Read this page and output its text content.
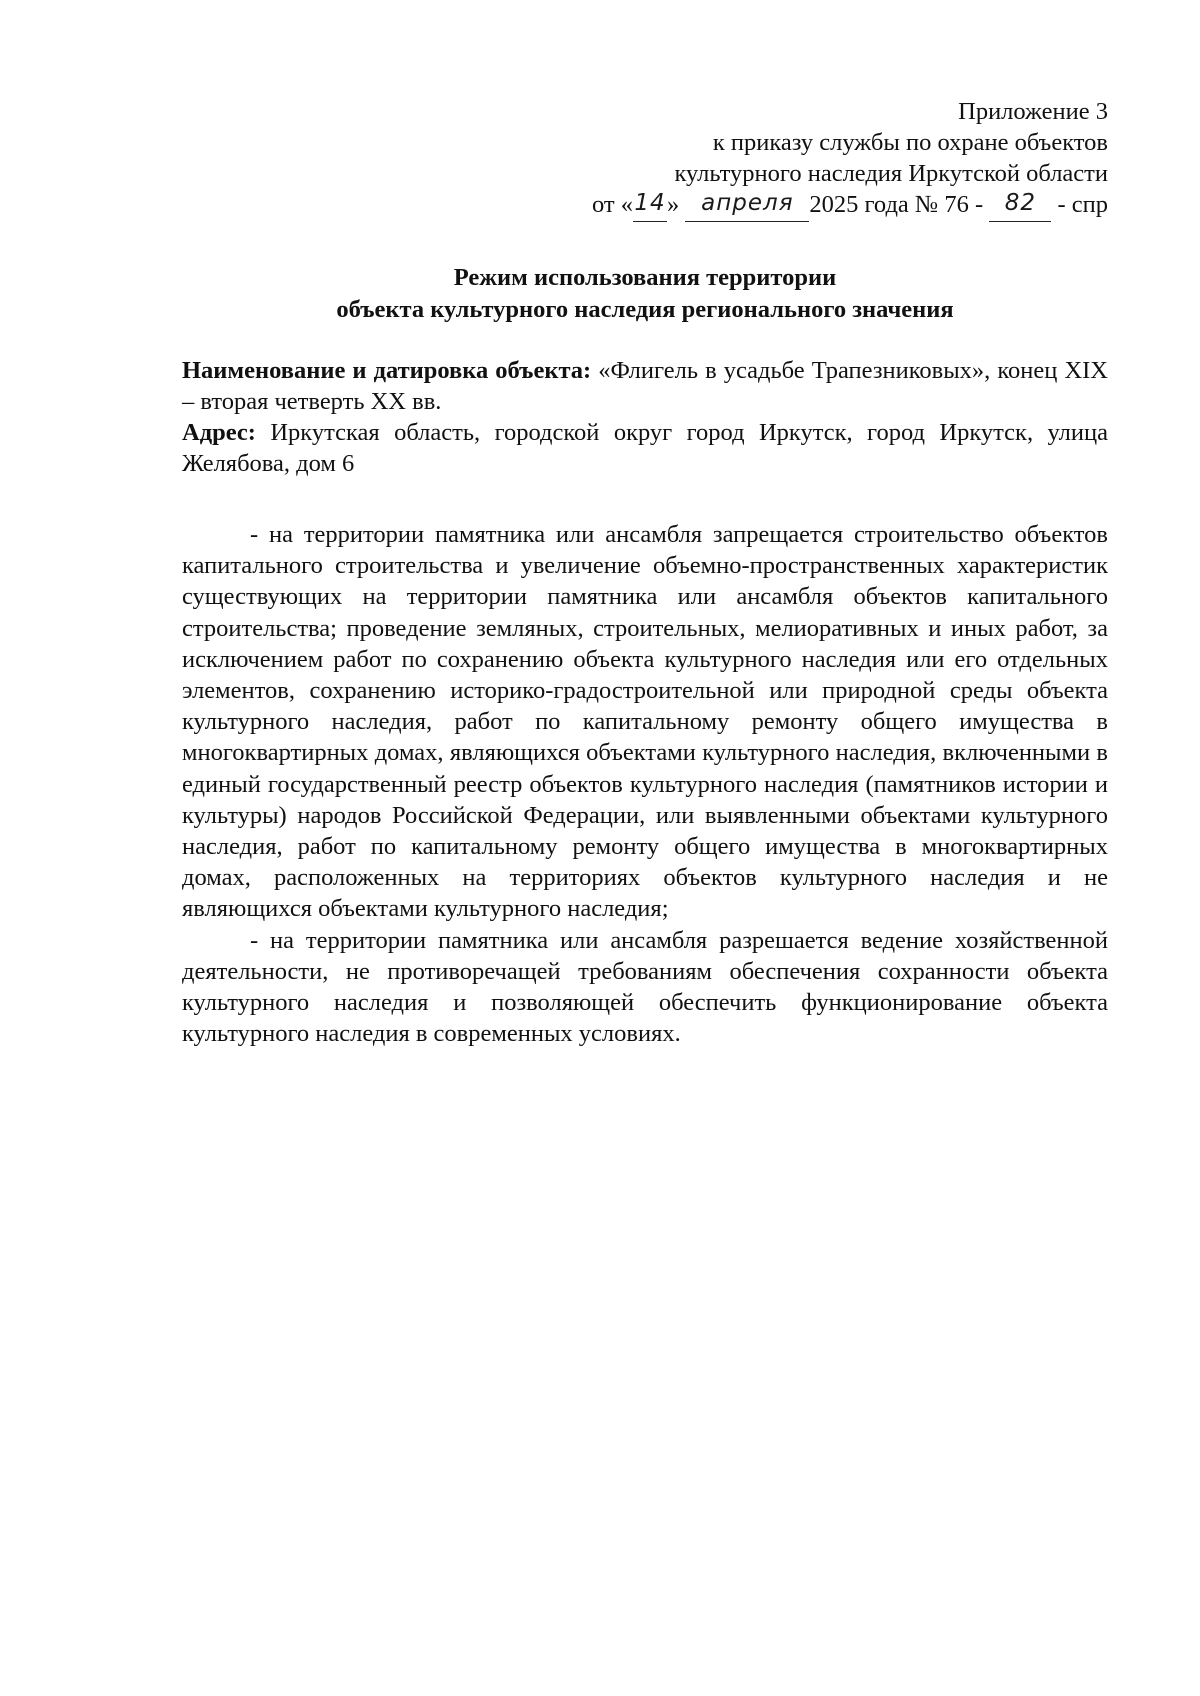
Приложение 3
к приказу службы по охране объектов
культурного наследия Иркутской области
от «14» апреля 2025 года № 76 - 82 - спр
Режим использования территории
объекта культурного наследия регионального значения

Наименование и датировка объекта: «Флигель в усадьбе Трапезниковых», конец XIX – вторая четверть XX вв.

Адрес: Иркутская область, городской округ город Иркутск, город Иркутск, улица Желябова, дом 6

- на территории памятника или ансамбля запрещается строительство объектов капитального строительства и увеличение объемно-пространственных характеристик существующих на территории памятника или ансамбля объектов капитального строительства; проведение земляных, строительных, мелиоративных и иных работ, за исключением работ по сохранению объекта культурного наследия или его отдельных элементов, сохранению историко-градостроительной или природной среды объекта культурного наследия, работ по капитальному ремонту общего имущества в многоквартирных домах, являющихся объектами культурного наследия, включенными в единый государственный реестр объектов культурного наследия (памятников истории и культуры) народов Российской Федерации, или выявленными объектами культурного наследия, работ по капитальному ремонту общего имущества в многоквартирных домах, расположенных на территориях объектов культурного наследия и не являющихся объектами культурного наследия;

- на территории памятника или ансамбля разрешается ведение хозяйственной деятельности, не противоречащей требованиям обеспечения сохранности объекта культурного наследия и позволяющей обеспечить функционирование объекта культурного наследия в современных условиях.
